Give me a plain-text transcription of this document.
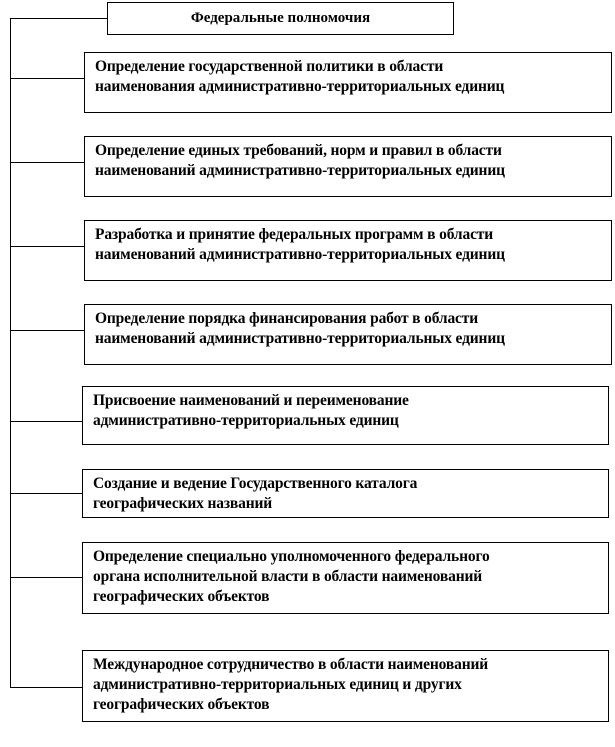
Федеральные полномочия
Определение государственной политики в области
наименования административно-территориальных единиц
Определение единых требований, норм и правил в области
наименований административно-территориальных единиц
Разработка и принятие федеральных программ в области
наименований административно-территориальных единиц
Определение порядка финансирования работ в области
наименований административно-территориальных единиц
Присвоение наименований и переименование
административно-территориальных единиц
Создание и ведение Государственного каталога
географических названий
Определение специально уполномоченного федерального
органа исполнительной власти в области наименований
географических объектов
Международное сотрудничество в области наименований
административно-территориальных единиц и других
географических объектов
